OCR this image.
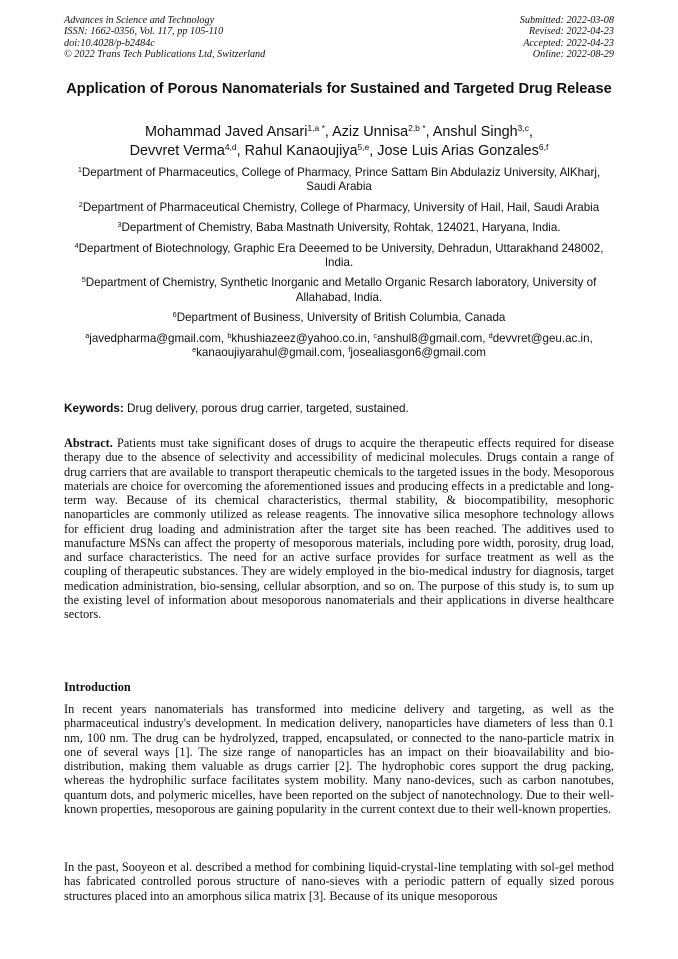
Advances in Science and Technology
ISSN: 1662-0356, Vol. 117, pp 105-110
doi:10.4028/p-b2484c
© 2022 Trans Tech Publications Ltd, Switzerland
Submitted: 2022-03-08
Revised: 2022-04-23
Accepted: 2022-04-23
Online: 2022-08-29
Application of Porous Nanomaterials for Sustained and Targeted Drug Release
Mohammad Javed Ansari$^{1,a *}$, Aziz Unnisa$^{2,b *}$, Anshul Singh$^{3,c}$,
Devvret Verma$^{4,d}$, Rahul Kanaoujiya$^{5,e}$, Jose Luis Arias Gonzales$^{6,f}$
$^1$Department of Pharmaceutics, College of Pharmacy, Prince Sattam Bin Abdulaziz University, AlKharj, Saudi Arabia
$^2$Department of Pharmaceutical Chemistry, College of Pharmacy, University of Hail, Hail, Saudi Arabia
$^3$Department of Chemistry, Baba Mastnath University, Rohtak, 124021, Haryana, India.
$^4$Department of Biotechnology, Graphic Era Deeemed to be University, Dehradun, Uttarakhand 248002, India.
$^5$Department of Chemistry, Synthetic Inorganic and Metallo Organic Resarch laboratory, University of Allahabad, India.
$^6$Department of Business, University of British Columbia, Canada
$^a$javedpharma@gmail.com, $^b$khushiazeez@yahoo.co.in, $^c$anshul8@gmail.com, $^d$devvret@geu.ac.in,
$^e$kanaoujiyarahul@gmail.com, $^f$josealiasgon6@gmail.com
Keywords: Drug delivery, porous drug carrier, targeted, sustained.
Abstract. Patients must take significant doses of drugs to acquire the therapeutic effects required for disease therapy due to the absence of selectivity and accessibility of medicinal molecules. Drugs contain a range of drug carriers that are available to transport therapeutic chemicals to the targeted issues in the body. Mesoporous materials are choice for overcoming the aforementioned issues and producing effects in a predictable and long-term way. Because of its chemical characteristics, thermal stability, & biocompatibility, mesophoric nanoparticles are commonly utilized as release reagents. The innovative silica mesophore technology allows for efficient drug loading and administration after the target site has been reached. The additives used to manufacture MSNs can affect the property of mesoporous materials, including pore width, porosity, drug load, and surface characteristics. The need for an active surface provides for surface treatment as well as the coupling of therapeutic substances. They are widely employed in the bio-medical industry for diagnosis, target medication administration, bio-sensing, cellular absorption, and so on. The purpose of this study is, to sum up the existing level of information about mesoporous nanomaterials and their applications in diverse healthcare sectors.
Introduction
In recent years nanomaterials has transformed into medicine delivery and targeting, as well as the pharmaceutical industry's development. In medication delivery, nanoparticles have diameters of less than 0.1 nm, 100 nm. The drug can be hydrolyzed, trapped, encapsulated, or connected to the nano-particle matrix in one of several ways [1]. The size range of nanoparticles has an impact on their bioavailability and bio-distribution, making them valuable as drugs carrier [2]. The hydrophobic cores support the drug packing, whereas the hydrophilic surface facilitates system mobility. Many nano-devices, such as carbon nanotubes, quantum dots, and polymeric micelles, have been reported on the subject of nanotechnology. Due to their well-known properties, mesoporous are gaining popularity in the current context due to their well-known properties.
In the past, Sooyeon et al. described a method for combining liquid-crystal-line templating with sol-gel method has fabricated controlled porous structure of nano-sieves with a periodic pattern of equally sized porous structures placed into an amorphous silica matrix [3]. Because of its unique mesoporous
